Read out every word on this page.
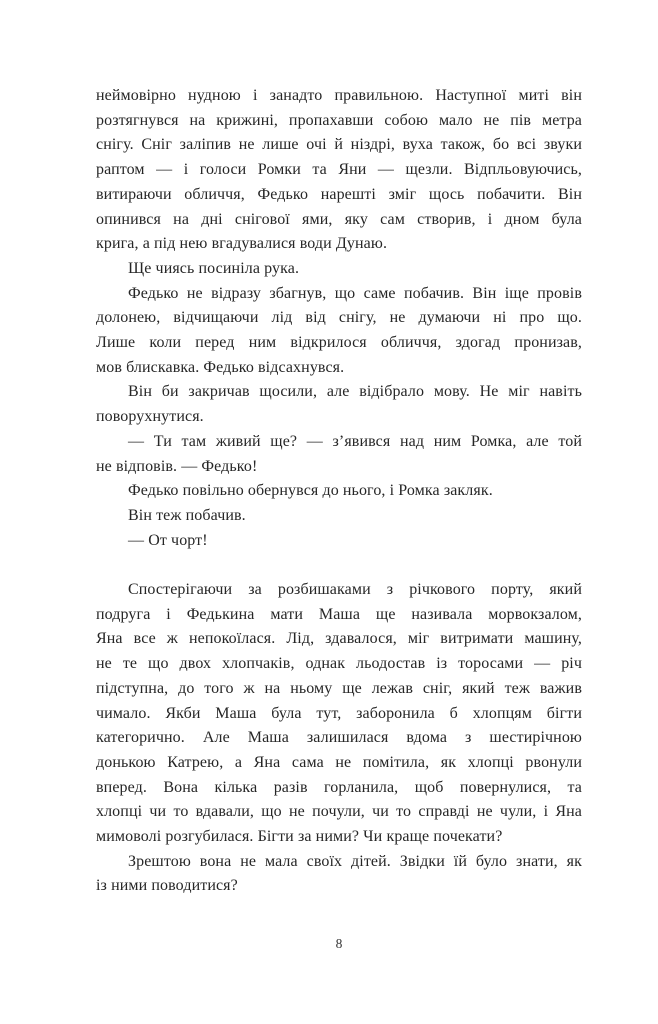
неймовірно нудною і занадто правильною. Наступної миті він
розтягнувся на крижині, пропахавши собою мало не пів метра
снігу. Сніг заліпив не лише очі й ніздрі, вуха також, бо всі звуки
раптом — і голоси Ромки та Яни — щезли. Відпльовуючись,
витираючи обличчя, Федько нарешті зміг щось побачити. Він
опинився на дні снігової ями, яку сам створив, і дном була
крига, а під нею вгадувалися води Дунаю.
Ще чиясь посиніла рука.
Федько не відразу збагнув, що саме побачив. Він іще провів
долонею, відчищаючи лід від снігу, не думаючи ні про що.
Лише коли перед ним відкрилося обличчя, здогад пронизав,
мов блискавка. Федько відсахнувся.
Він би закричав щосили, але відібрало мову. Не міг навіть
поворухнутися.
— Ти там живий ще? — з’явився над ним Ромка, але той
не відповів. — Федько!
Федько повільно обернувся до нього, і Ромка закляк.
Він теж побачив.
— От чорт!
Спостерігаючи за розбишаками з річкового порту, який
подруга і Федькина мати Маша ще називала морвокзалом,
Яна все ж непокоїлася. Лід, здавалося, міг витримати машину,
не те що двох хлопчаків, однак льодостав із торосами — річ
підступна, до того ж на ньому ще лежав сніг, який теж важив
чимало. Якби Маша була тут, заборонила б хлопцям бігти
категорично. Але Маша залишилася вдома з шестирічною
донькою Катрею, а Яна сама не помітила, як хлопці рвонули
вперед. Вона кілька разів горланила, щоб повернулися, та
хлопці чи то вдавали, що не почули, чи то справді не чули, і Яна
мимоволі розгубилася. Бігти за ними? Чи краще почекати?
Зрештою вона не мала своїх дітей. Звідки їй було знати, як
із ними поводитися?
8
